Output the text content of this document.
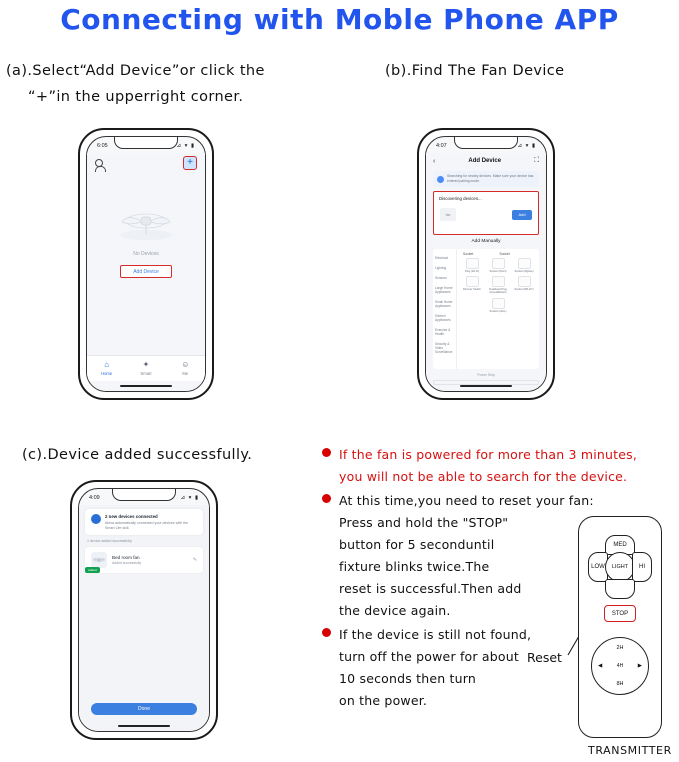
Connecting with Moble Phone APP
(a).Select“Add Device”or click the
“+”in the upperright corner.
(b).Find The Fan Device
(c).Device added successfully.
6:05	⊿ ▾ ▮
+
No Devices
Add Device
⌂
Home
✦
Smart
☺
Me
4:07	⊿ ▾ ▮
‹	Add Device	⛶
Searching for nearby devices. Make sure your device has entered pairing mode.
Discovering devices...
fan	Add
Add Manually
Electrical
Lighting
Sensors
Large Home Appliances
Small Home Appliances
Kitchen Appliances
Exercise & Health
Security & Video Surveillance
Socket	Socket
Plug (Wi-Fi)	Socket (Wi-Fi)	Socket (Zigbee)
Dimmer Switch	Dualband Plug (Cloud&Mesh)
Socket (NB-IoT)
Socket (other)
Power Strip
4:09	⊿ ▾ ▮
2 new devices connected
Alexa automatically connected your devices with the Smart Life skill.
1 device added successfully
Bed room fan
Added successfully	✎
Added
Done
If the fan is powered for more than 3 minutes,
you will not be able to search for the device.
At this time,you need to reset your fan:
Press and hold the "STOP"
button for 5 seconduntil
fixture blinks twice.The
reset is successful.Then add
the device again.
If the device is still not found,
turn off the power for about
10 seconds then turn
on the power.
Reset
MED
LOW	LIGHT	HI
STOP
2H
◀	4H	▶
8H
TRANSMITTER
